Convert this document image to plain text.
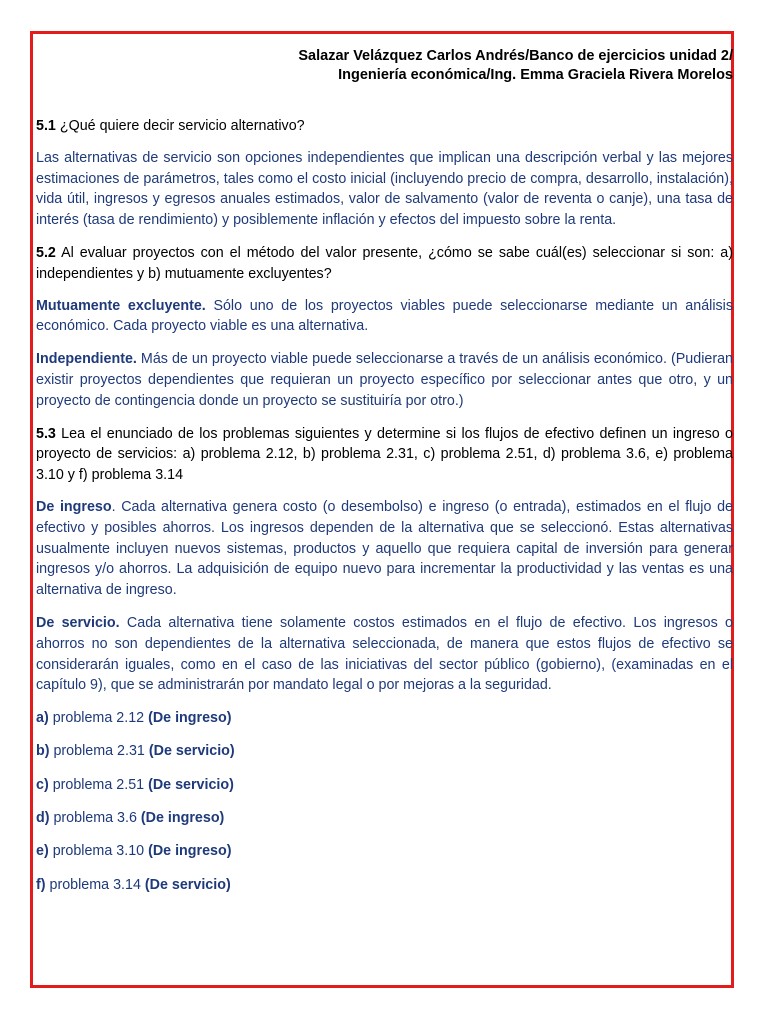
Salazar Velázquez Carlos Andrés/Banco de ejercicios unidad 2/
Ingeniería económica/Ing. Emma Graciela Rivera Morelos

5.1 ¿Qué quiere decir servicio alternativo?

Las alternativas de servicio son opciones independientes que implican una descripción verbal y las mejores estimaciones de parámetros, tales como el costo inicial (incluyendo precio de compra, desarrollo, instalación), vida útil, ingresos y egresos anuales estimados, valor de salvamento (valor de reventa o canje), una tasa de interés (tasa de rendimiento) y posiblemente inflación y efectos del impuesto sobre la renta.

5.2 Al evaluar proyectos con el método del valor presente, ¿cómo se sabe cuál(es) seleccionar si son: a) independientes y b) mutuamente excluyentes?

Mutuamente excluyente. Sólo uno de los proyectos viables puede seleccionarse mediante un análisis económico. Cada proyecto viable es una alternativa.

Independiente. Más de un proyecto viable puede seleccionarse a través de un análisis económico. (Pudieran existir proyectos dependientes que requieran un proyecto específico por seleccionar antes que otro, y un proyecto de contingencia donde un proyecto se sustituiría por otro.)

5.3 Lea el enunciado de los problemas siguientes y determine si los flujos de efectivo definen un ingreso o proyecto de servicios: a) problema 2.12, b) problema 2.31, c) problema 2.51, d) problema 3.6, e) problema 3.10 y f) problema 3.14

De ingreso. Cada alternativa genera costo (o desembolso) e ingreso (o entrada), estimados en el flujo de efectivo y posibles ahorros. Los ingresos dependen de la alternativa que se seleccionó. Estas alternativas usualmente incluyen nuevos sistemas, productos y aquello que requiera capital de inversión para generar ingresos y/o ahorros. La adquisición de equipo nuevo para incrementar la productividad y las ventas es una alternativa de ingreso.

De servicio. Cada alternativa tiene solamente costos estimados en el flujo de efectivo. Los ingresos o ahorros no son dependientes de la alternativa seleccionada, de manera que estos flujos de efectivo se considerarán iguales, como en el caso de las iniciativas del sector público (gobierno), (examinadas en el capítulo 9), que se administrarán por mandato legal o por mejoras a la seguridad.

a) problema 2.12 (De ingreso)

b) problema 2.31 (De servicio)

c) problema 2.51 (De servicio)

d) problema 3.6 (De ingreso)

e) problema 3.10 (De ingreso)

f) problema 3.14 (De servicio)
